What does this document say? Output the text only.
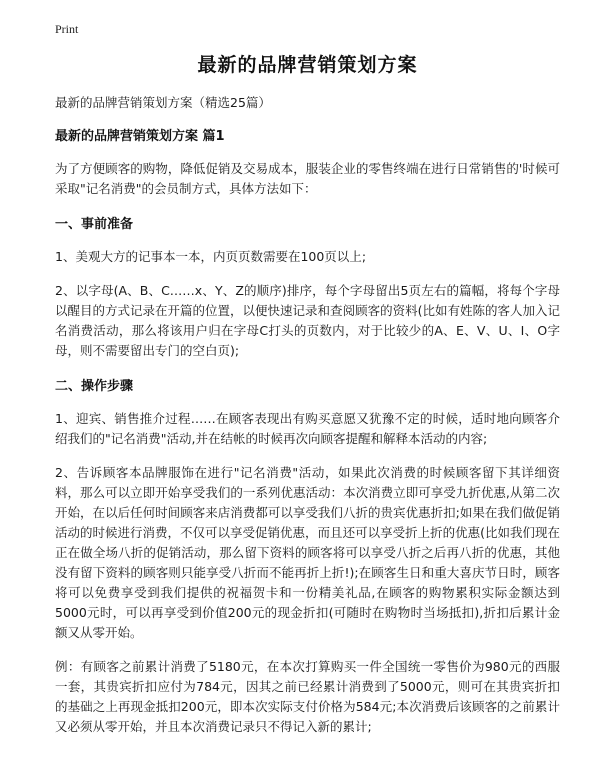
Print
最新的品牌营销策划方案
最新的品牌营销策划方案（精选25篇）
最新的品牌营销策划方案 篇1
为了方便顾客的购物，降低促销及交易成本，服装企业的零售终端在进行日常销售的'时候可采取"记名消费"的会员制方式，具体方法如下：
一、事前准备
1、美观大方的记事本一本，内页页数需要在100页以上;
2、以字母(A、B、C……x、Y、Z的顺序)排序，每个字母留出5页左右的篇幅，将每个字母以醒目的方式记录在开篇的位置，以便快速记录和查阅顾客的资料(比如有姓陈的客人加入记名消费活动，那么将该用户归在字母C打头的页数内，对于比较少的A、E、V、U、I、O字母，则不需要留出专门的空白页);
二、操作步骤
1、迎宾、销售推介过程……在顾客表现出有购买意愿又犹豫不定的时候，适时地向顾客介绍我们的"记名消费"活动,并在结帐的时候再次向顾客提醒和解释本活动的内容;
2、告诉顾客本品牌服饰在进行"记名消费"活动，如果此次消费的时候顾客留下其详细资料，那么可以立即开始享受我们的一系列优惠活动：本次消费立即可享受九折优惠,从第二次开始，在以后任何时间顾客来店消费都可以享受我们八折的贵宾优惠折扣;如果在我们做促销活动的时候进行消费，不仅可以享受促销优惠，而且还可以享受折上折的优惠(比如我们现在正在做全场八折的促销活动，那么留下资料的顾客将可以享受八折之后再八折的优惠，其他没有留下资料的顾客则只能享受八折而不能再折上折!);在顾客生日和重大喜庆节日时，顾客将可以免费享受到我们提供的祝福贺卡和一份精美礼品,在顾客的购物累积实际金额达到5000元时，可以再享受到价值200元的现金折扣(可随时在购物时当场抵扣),折扣后累计金额又从零开始。
例：有顾客之前累计消费了5180元，在本次打算购买一件全国统一零售价为980元的西服一套，其贵宾折扣应付为784元，因其之前已经累计消费到了5000元，则可在其贵宾折扣的基础之上再现金抵扣200元，即本次实际支付价格为584元;本次消费后该顾客的之前累计又必须从零开始，并且本次消费记录只不得记入新的累计;
